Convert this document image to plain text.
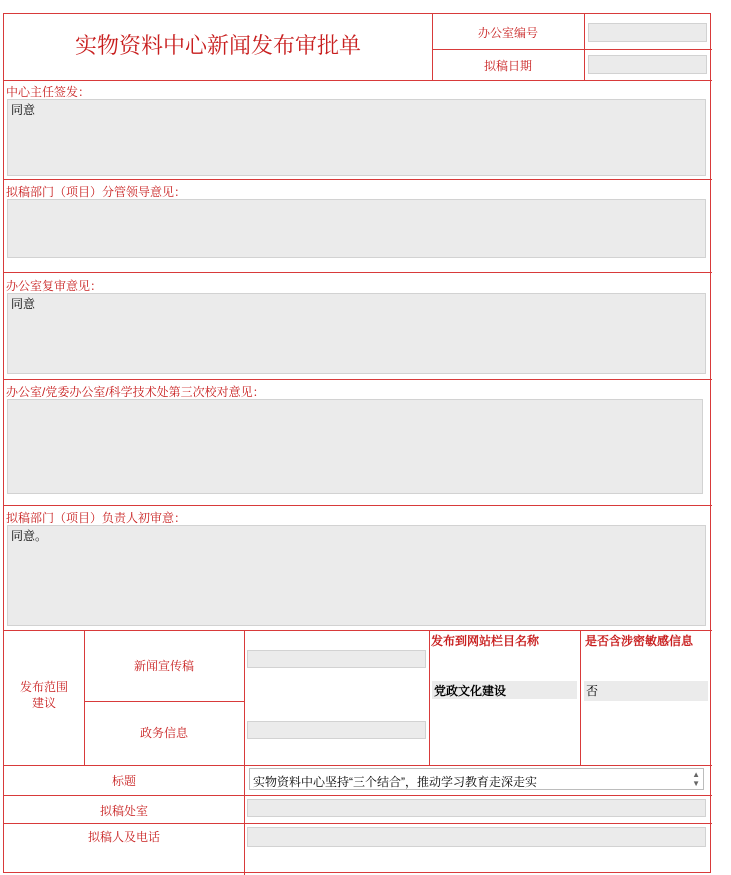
实物资料中心新闻发布审批单
办公室编号
拟稿日期
中心主任签发：
同意
拟稿部门（项目）分管领导意见：
办公室复审意见：
同意
办公室/党委办公室/科学技术处第三次校对意见：
拟稿部门（项目）负责人初审意：
同意。
发布范围
建议
新闻宣传稿
政务信息
发布到网站栏目名称
党政文化建设
是否含涉密敏感信息
否
标题	实物资料中心坚持“三个结合”，推动学习教育走深走实
▲
▼
拟稿处室
拟稿人及电话
